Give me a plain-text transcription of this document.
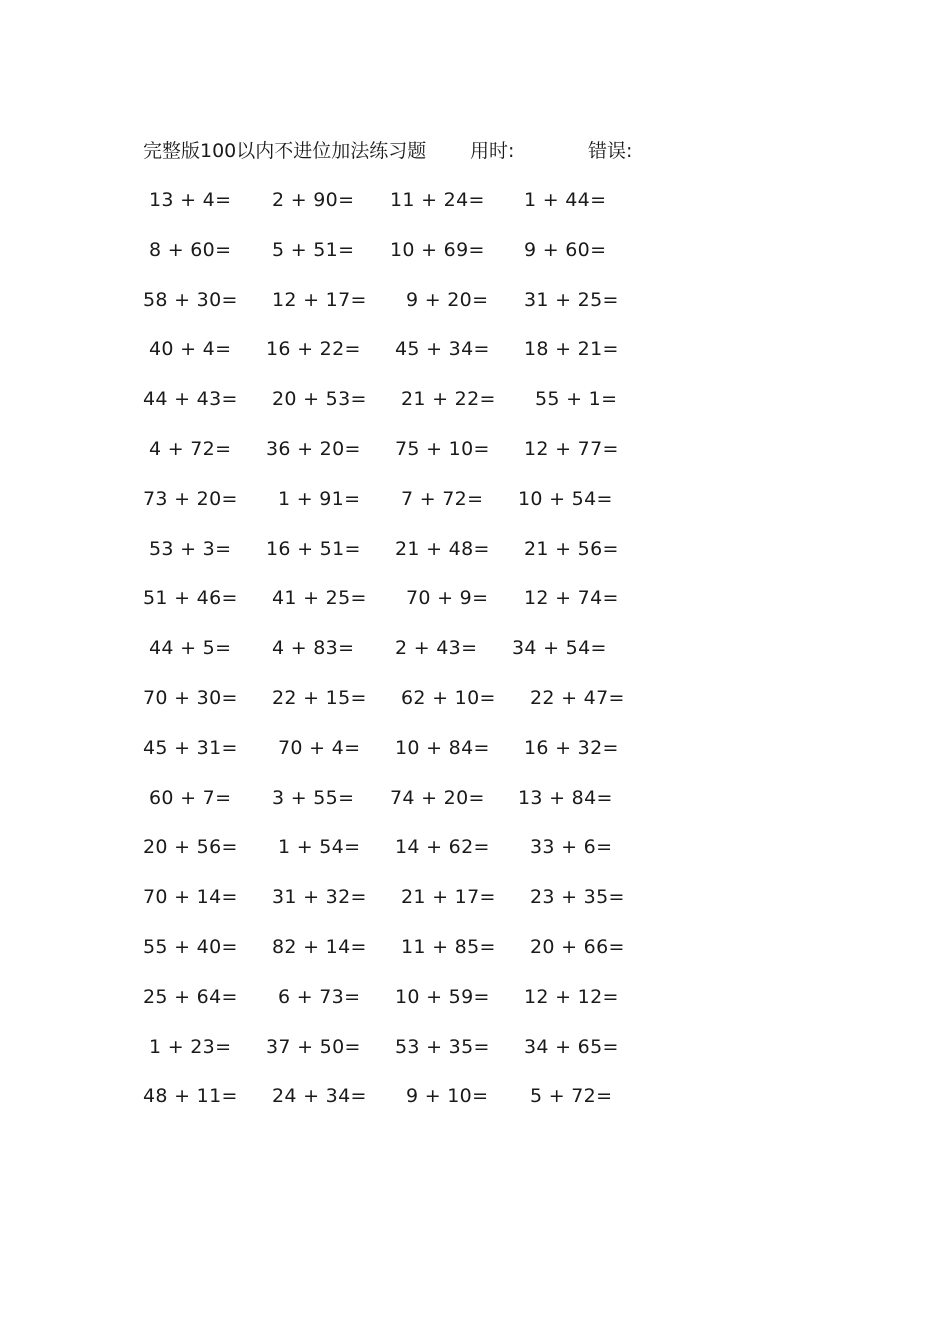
完整版100以内不进位加法练习题 用时:	错误:
13 + 4= 2 + 90= 11 + 24= 1 + 44=
8 + 60= 5 + 51= 10 + 69= 9 + 60=
58 + 30= 12 + 17= 9 + 20= 31 + 25=
40 + 4= 16 + 22= 45 + 34= 18 + 21=
44 + 43= 20 + 53= 21 + 22= 55 + 1=
4 + 72= 36 + 20= 75 + 10= 12 + 77=
73 + 20= 1 + 91= 7 + 72= 10 + 54=
53 + 3= 16 + 51= 21 + 48= 21 + 56=
51 + 46= 41 + 25= 70 + 9= 12 + 74=
44 + 5= 4 + 83= 2 + 43= 34 + 54=
70 + 30= 22 + 15= 62 + 10= 22 + 47=
45 + 31= 70 + 4= 10 + 84= 16 + 32=
60 + 7= 3 + 55= 74 + 20= 13 + 84=
20 + 56= 1 + 54= 14 + 62= 33 + 6=
70 + 14= 31 + 32= 21 + 17= 23 + 35=
55 + 40= 82 + 14= 11 + 85= 20 + 66=
25 + 64= 6 + 73= 10 + 59= 12 + 12=
1 + 23= 37 + 50= 53 + 35= 34 + 65=
48 + 11= 24 + 34= 9 + 10= 5 + 72=
